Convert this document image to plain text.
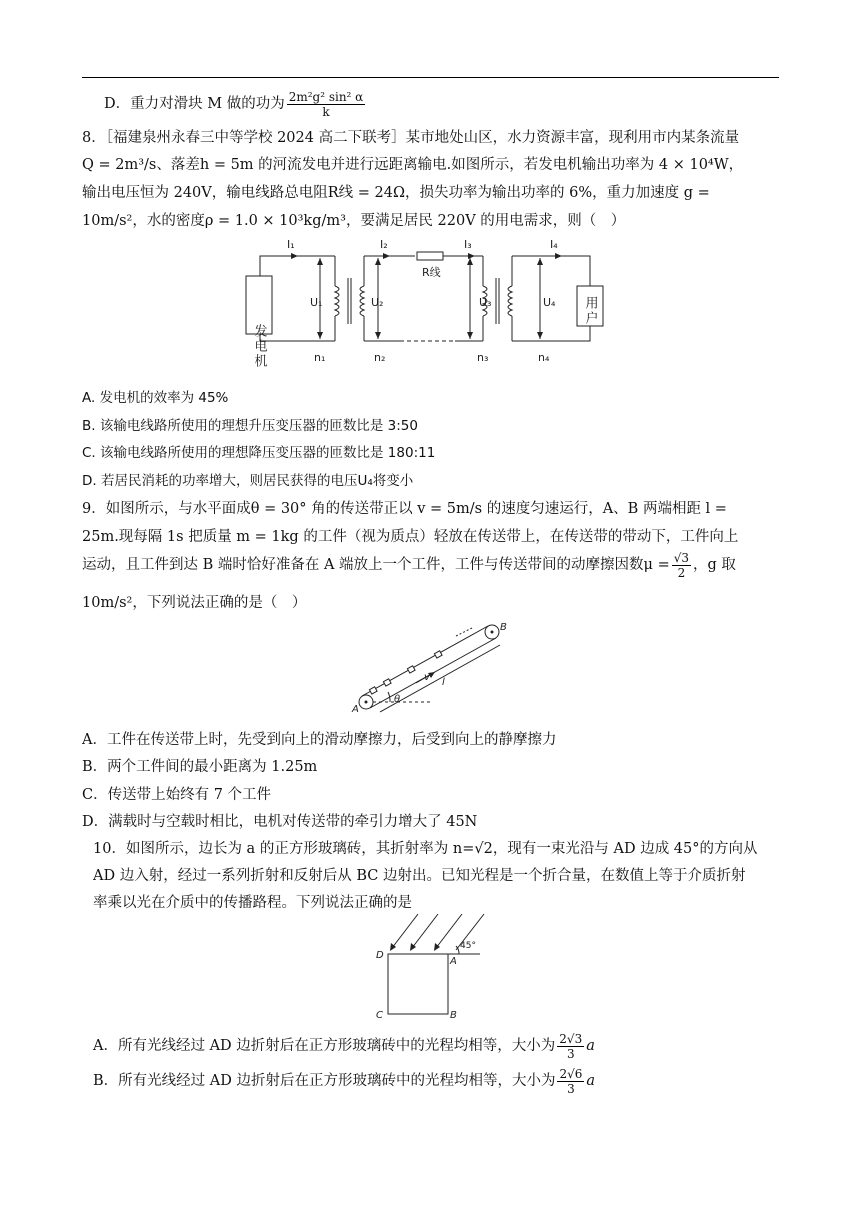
D．重力对滑块 M 做的功为 $\frac{\text{2m²g² sin² α}}{k}$
8．［福建泉州永春三中等学校 2024 高二下联考］某市地处山区，水力资源丰富，现利用市内某条流量
Q = 2m³/s、落差h = 5m 的河流发电并进行远距离输电.如图所示，若发电机输出功率为 4 × 10⁴W，
输出电压恒为 240V，输电线路总电阻R线 = 24Ω，损失功率为输出功率的 6%，重力加速度 g =
10m/s²，水的密度ρ = 1.0 × 10³kg/m³，要满足居民 220V 的用电需求，则（　）
I₁	I₂	I₃	I₄
U₁	U₂	U₃	U₄
n₁	n₂	n₃	n₄
R线
发电机
用户
A. 发电机的效率为 45%
B. 该输电线路所使用的理想升压变压器的匝数比是 3:50
C. 该输电线路所使用的理想降压变压器的匝数比是 180:11
D. 若居民消耗的功率增大，则居民获得的电压U₄将变小
9．如图所示，与水平面成θ = 30° 角的传送带正以 v = 5m/s 的速度匀速运行，A、B 两端相距 l =
25m.现每隔 1s 把质量 m = 1kg 的工件（视为质点）轻放在传送带上，在传送带的带动下，工件向上
运动，且工件到达 B 端时恰好准备在 A 端放上一个工件，工件与传送带间的动摩擦因数$\mu = \frac{√3}{2}$ ，g 取
10m/s²，下列说法正确的是（　）
A
B
v l
θ
A．工件在传送带上时，先受到向上的滑动摩擦力，后受到向上的静摩擦力
B．两个工件间的最小距离为 1.25m
C．传送带上始终有 7 个工件
D．满载时与空载时相比，电机对传送带的牵引力增大了 45N
10．如图所示，边长为 a 的正方形玻璃砖，其折射率为 n=√2，现有一束光沿与 AD 边成 45°的方向从
AD 边入射，经过一系列折射和反射后从 BC 边射出。已知光程是一个折合量，在数值上等于介质折射
率乘以光在介质中的传播路程。下列说法正确的是
D
A
C	B
45°
A．所有光线经过 AD 边折射后在正方形玻璃砖中的光程均相等，大小为 $\frac{2√3}{3}$ a
B．所有光线经过 AD 边折射后在正方形玻璃砖中的光程均相等，大小为 $\frac{2√6}{3}$ a
